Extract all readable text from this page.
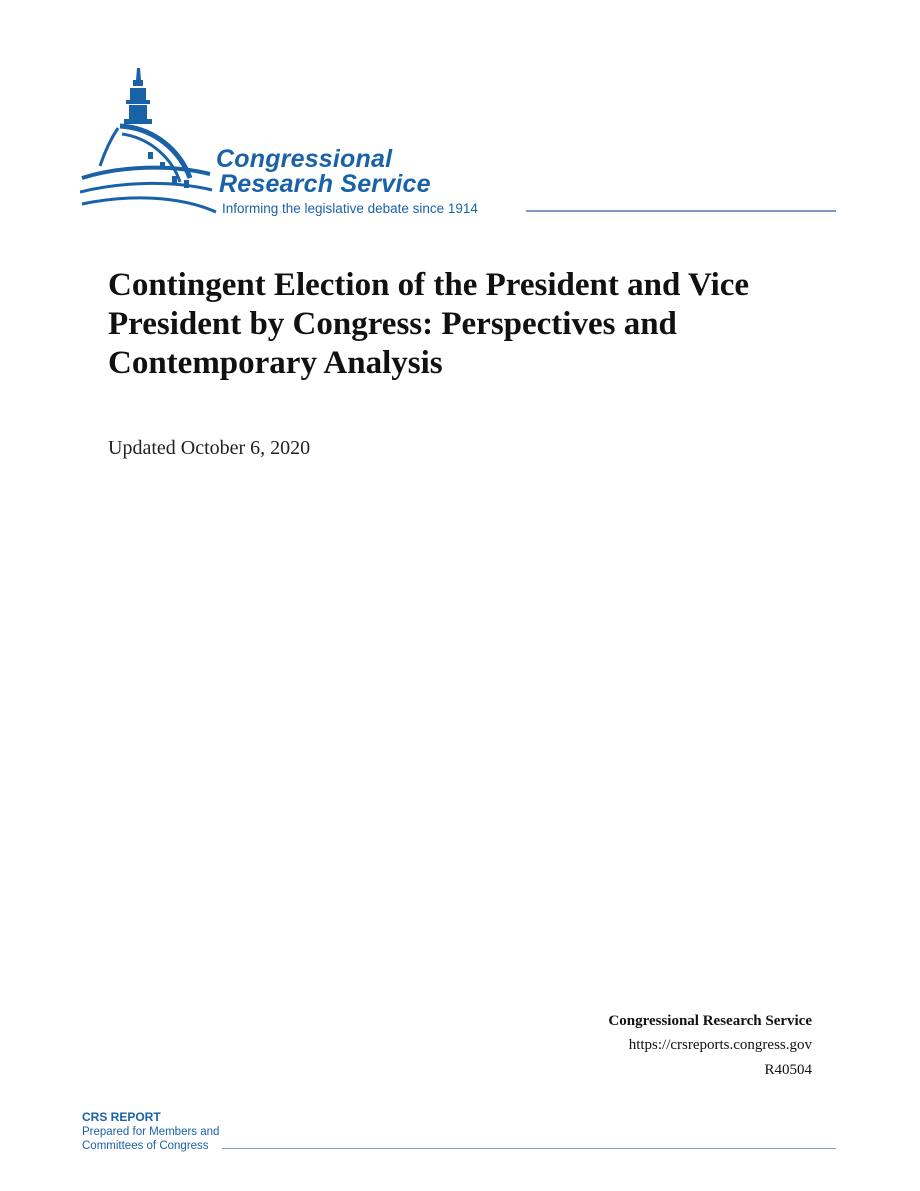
Congressional
Research Service
Informing the legislative debate since 1914
Contingent Election of the President and Vice President by Congress: Perspectives and Contemporary Analysis
Updated October 6, 2020
Congressional Research Service
https://crsreports.congress.gov
R40504
CRS REPORT
Prepared for Members and
Committees of Congress
